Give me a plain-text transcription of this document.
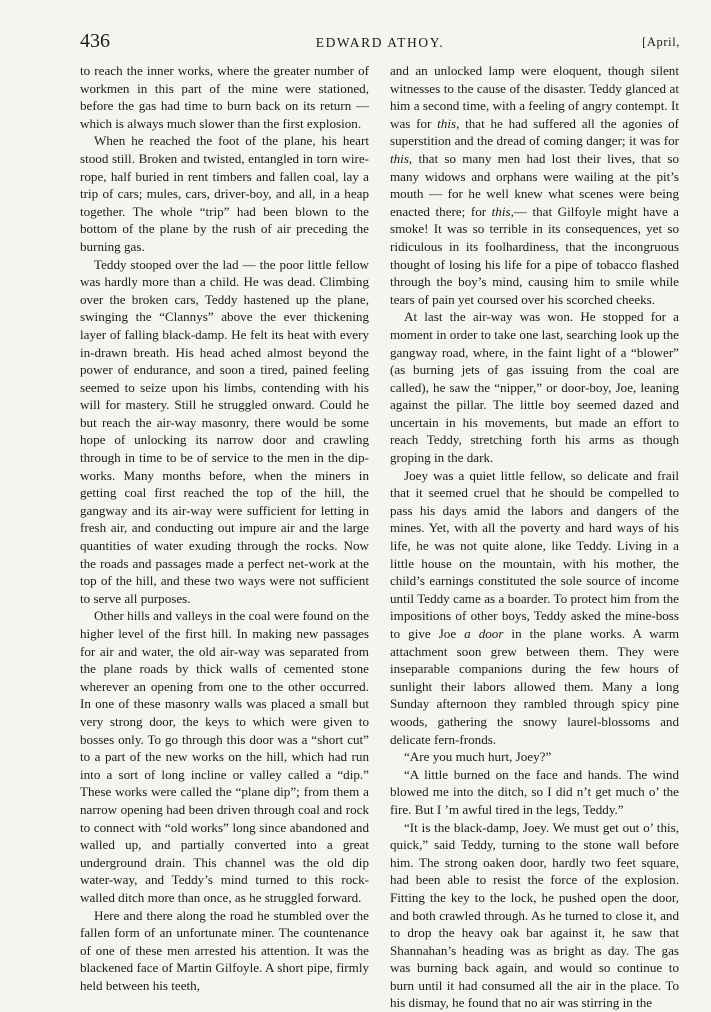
436	EDWARD ATHOY.	[April,

to reach the inner works, where the greater number of workmen in this part of the mine were stationed, before the gas had time to burn back on its return — which is always much slower than the first explosion.

When he reached the foot of the plane, his heart stood still. Broken and twisted, entangled in torn wire-rope, half buried in rent timbers and fallen coal, lay a trip of cars; mules, cars, driver-boy, and all, in a heap together. The whole “trip” had been blown to the bottom of the plane by the rush of air preceding the burning gas.

Teddy stooped over the lad — the poor little fellow was hardly more than a child. He was dead. Climbing over the broken cars, Teddy hastened up the plane, swinging the “Clannys” above the ever thickening layer of falling black-damp. He felt its heat with every in-drawn breath. His head ached almost beyond the power of endurance, and soon a tired, pained feeling seemed to seize upon his limbs, contending with his will for mastery. Still he struggled onward. Could he but reach the air-way masonry, there would be some hope of unlocking its narrow door and crawling through in time to be of service to the men in the dip-works. Many months before, when the miners in getting coal first reached the top of the hill, the gangway and its air-way were sufficient for letting in fresh air, and conducting out impure air and the large quantities of water exuding through the rocks. Now the roads and passages made a perfect net-work at the top of the hill, and these two ways were not sufficient to serve all purposes.

Other hills and valleys in the coal were found on the higher level of the first hill. In making new passages for air and water, the old air-way was separated from the plane roads by thick walls of cemented stone wherever an opening from one to the other occurred. In one of these masonry walls was placed a small but very strong door, the keys to which were given to bosses only. To go through this door was a “short cut” to a part of the new works on the hill, which had run into a sort of long incline or valley called a “dip.” These works were called the “plane dip”; from them a narrow opening had been driven through coal and rock to connect with “old works” long since abandoned and walled up, and partially converted into a great underground drain. This channel was the old dip water-way, and Teddy’s mind turned to this rock-walled ditch more than once, as he struggled forward.

Here and there along the road he stumbled over the fallen form of an unfortunate miner. The countenance of one of these men arrested his attention. It was the blackened face of Martin Gilfoyle. A short pipe, firmly held between his teeth,

and an unlocked lamp were eloquent, though silent witnesses to the cause of the disaster. Teddy glanced at him a second time, with a feeling of angry contempt. It was for this, that he had suffered all the agonies of superstition and the dread of coming danger; it was for this, that so many men had lost their lives, that so many widows and orphans were wailing at the pit’s mouth — for he well knew what scenes were being enacted there; for this,— that Gilfoyle might have a smoke! It was so terrible in its consequences, yet so ridiculous in its foolhardiness, that the incongruous thought of losing his life for a pipe of tobacco flashed through the boy’s mind, causing him to smile while tears of pain yet coursed over his scorched cheeks.

At last the air-way was won. He stopped for a moment in order to take one last, searching look up the gangway road, where, in the faint light of a “blower” (as burning jets of gas issuing from the coal are called), he saw the “nipper,” or door-boy, Joe, leaning against the pillar. The little boy seemed dazed and uncertain in his movements, but made an effort to reach Teddy, stretching forth his arms as though groping in the dark.

Joey was a quiet little fellow, so delicate and frail that it seemed cruel that he should be compelled to pass his days amid the labors and dangers of the mines. Yet, with all the poverty and hard ways of his life, he was not quite alone, like Teddy. Living in a little house on the mountain, with his mother, the child’s earnings constituted the sole source of income until Teddy came as a boarder. To protect him from the impositions of other boys, Teddy asked the mine-boss to give Joe a door in the plane works. A warm attachment soon grew between them. They were inseparable companions during the few hours of sunlight their labors allowed them. Many a long Sunday afternoon they rambled through spicy pine woods, gathering the snowy laurel-blossoms and delicate fern-fronds.

“Are you much hurt, Joey?”

“A little burned on the face and hands. The wind blowed me into the ditch, so I did n’t get much o’ the fire. But I ’m awful tired in the legs, Teddy.”

“It is the black-damp, Joey. We must get out o’ this, quick,” said Teddy, turning to the stone wall before him. The strong oaken door, hardly two feet square, had been able to resist the force of the explosion. Fitting the key to the lock, he pushed open the door, and both crawled through. As he turned to close it, and to drop the heavy oak bar against it, he saw that Shannahan’s heading was as bright as day. The gas was burning back again, and would so continue to burn until it had consumed all the air in the place. To his dismay, he found that no air was stirring in the
